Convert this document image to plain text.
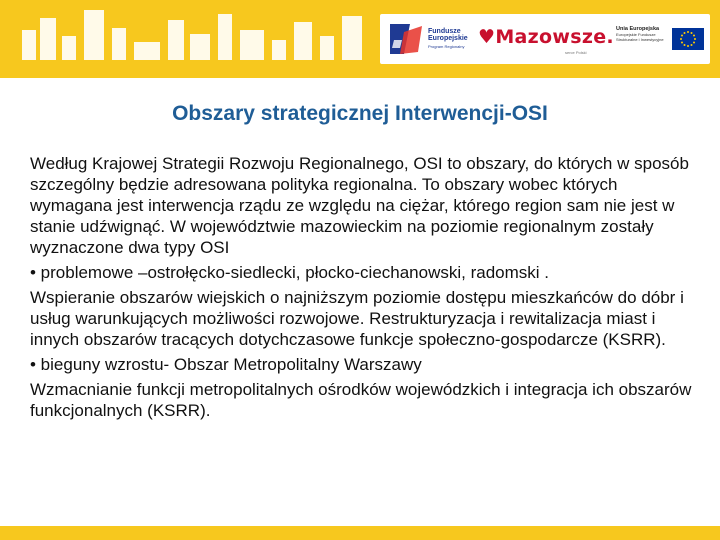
Fundusze
Europejskie
Program Regionalny ♥Mazowsze.
serce Polski
Unia Europejska
Europejskie Fundusze
Strukturalne i Inwestycyjne
Obszary strategicznej Interwencji-OSI

Według Krajowej Strategii Rozwoju Regionalnego, OSI to obszary, do których w sposób szczególny będzie adresowana polityka regionalna. To obszary wobec których wymagana jest interwencja rządu ze względu na ciężar, którego region sam nie jest w stanie udźwignąć. W województwie mazowieckim na poziomie regionalnym zostały wyznaczone dwa typy OSI

• problemowe –ostrołęcko-siedlecki, płocko-ciechanowski, radomski .

Wspieranie obszarów wiejskich o najniższym poziomie dostępu mieszkańców do dóbr i usług warunkujących możliwości rozwojowe. Restrukturyzacja i rewitalizacja miast i innych obszarów tracących dotychczasowe funkcje społeczno-gospodarcze (KSRR).

• bieguny wzrostu- Obszar Metropolitalny Warszawy

Wzmacnianie funkcji metropolitalnych ośrodków wojewódzkich i integracja ich obszarów funkcjonalnych (KSRR).
